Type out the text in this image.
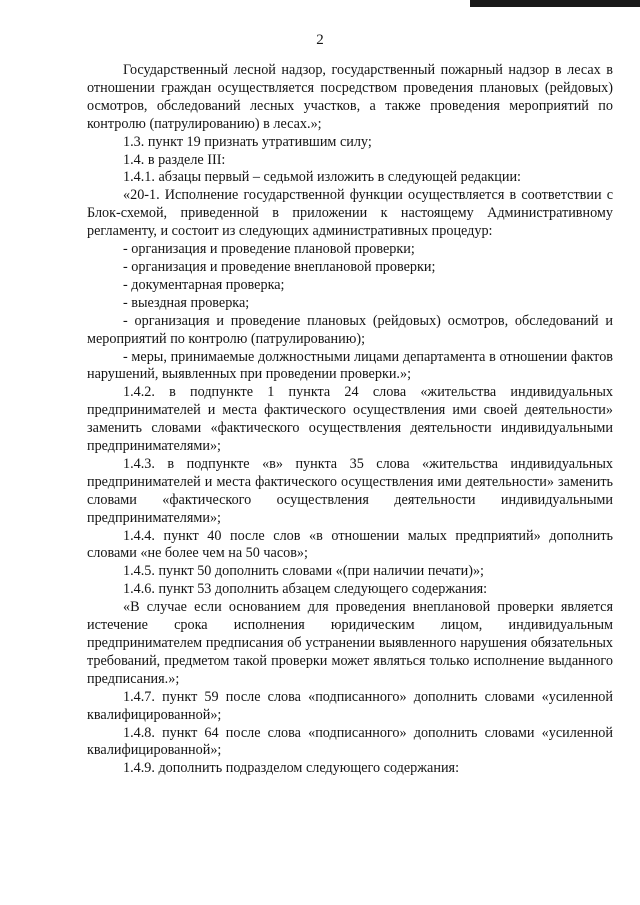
2

Государственный лесной надзор, государственный пожарный надзор в лесах в отношении граждан осуществляется посредством проведения плановых (рейдовых) осмотров, обследований лесных участков, а также проведения мероприятий по контролю (патрулированию) в лесах.»;

1.3. пункт 19 признать утратившим силу;

1.4. в разделе III:

1.4.1. абзацы первый – седьмой изложить в следующей редакции:

«20-1. Исполнение государственной функции осуществляется в соответствии с Блок-схемой, приведенной в приложении к настоящему Административному регламенту, и состоит из следующих административных процедур:

- организация и проведение плановой проверки;

- организация и проведение внеплановой проверки;

- документарная проверка;

- выездная проверка;

- организация и проведение плановых (рейдовых) осмотров, обследований и мероприятий по контролю (патрулированию);

- меры, принимаемые должностными лицами департамента в отношении фактов нарушений, выявленных при проведении проверки.»;

1.4.2. в подпункте 1 пункта 24 слова «жительства индивидуальных предпринимателей и места фактического осуществления ими своей деятельности» заменить словами «фактического осуществления деятельности индивидуальными предпринимателями»;

1.4.3. в подпункте «в» пункта 35 слова «жительства индивидуальных предпринимателей и места фактического осуществления ими деятельности» заменить словами «фактического осуществления деятельности индивидуальными предпринимателями»;

1.4.4. пункт 40 после слов «в отношении малых предприятий» дополнить словами «не более чем на 50 часов»;

1.4.5. пункт 50 дополнить словами «(при наличии печати)»;

1.4.6. пункт 53 дополнить абзацем следующего содержания:

«В случае если основанием для проведения внеплановой проверки является истечение срока исполнения юридическим лицом, индивидуальным предпринимателем предписания об устранении выявленного нарушения обязательных требований, предметом такой проверки может являться только исполнение выданного предписания.»;

1.4.7. пункт 59 после слова «подписанного» дополнить словами «усиленной квалифицированной»;

1.4.8. пункт 64 после слова «подписанного» дополнить словами «усиленной квалифицированной»;

1.4.9. дополнить подразделом следующего содержания:
